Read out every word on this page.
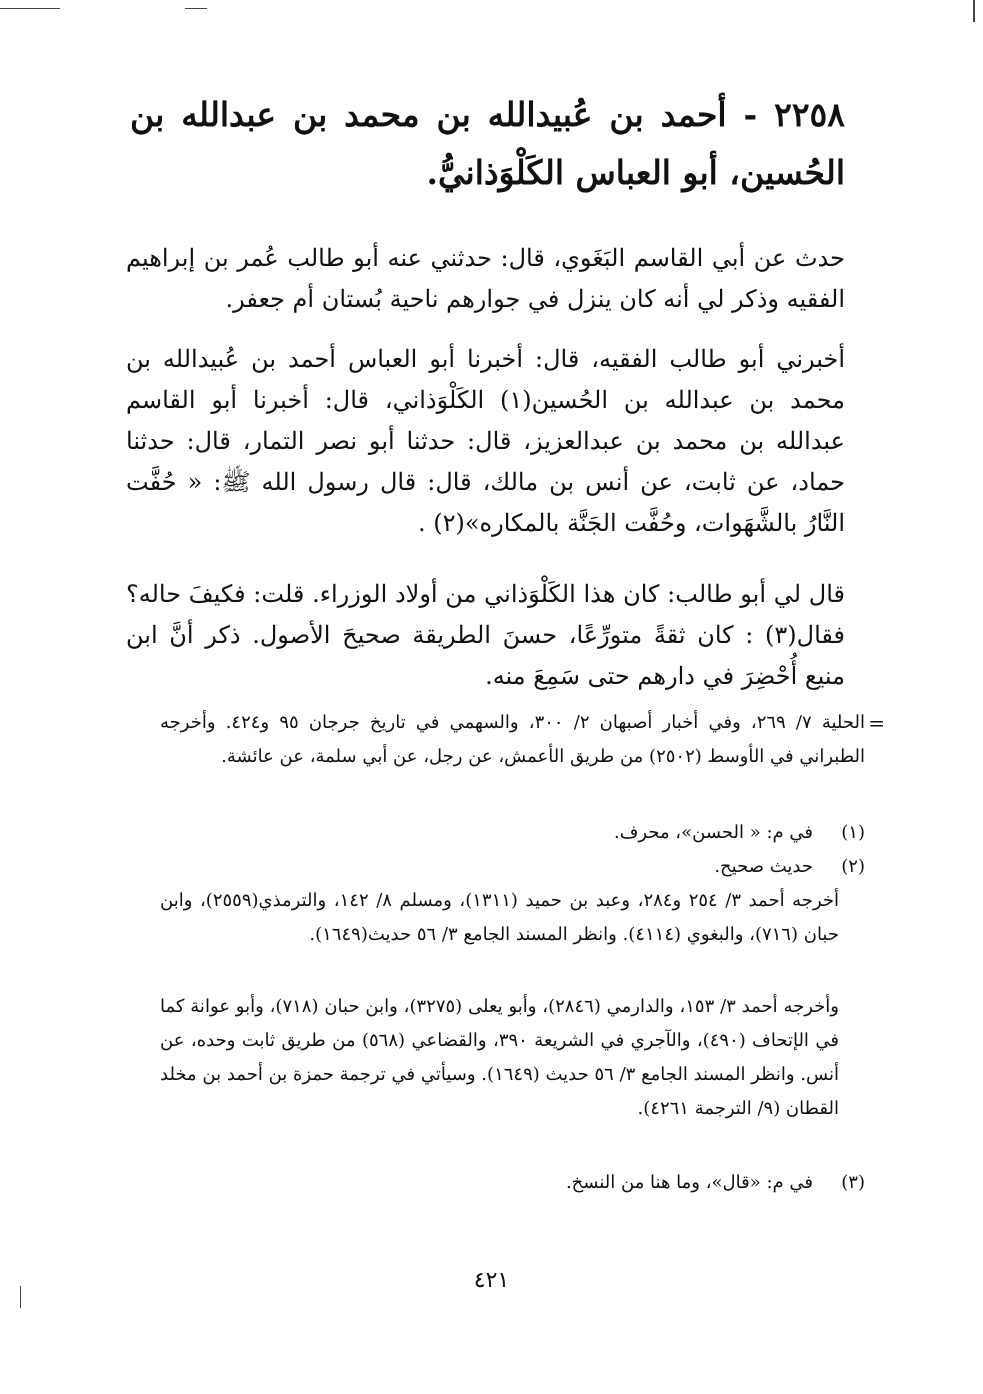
٢٢٥٨ - أحمد بن عُبيدالله بن محمد بن عبدالله بن الحُسين، أبو العباس الكَلْوَذانيُّ.

حدث عن أبي القاسم البَغَوي، قال: حدثني عنه أبو طالب عُمر بن إبراهيم الفقيه وذكر لي أنه كان ينزل في جوارهم ناحية بُستان أم جعفر.

أخبرني أبو طالب الفقيه، قال: أخبرنا أبو العباس أحمد بن عُبيدالله بن محمد بن عبدالله بن الحُسين(١) الكَلْوَذاني، قال: أخبرنا أبو القاسم عبدالله بن محمد بن عبدالعزيز، قال: حدثنا أبو نصر التمار، قال: حدثنا حماد، عن ثابت، عن أنس بن مالك، قال: قال رسول الله ﷺ: « حُفَّت النَّارُ بالشَّهَوات، وحُفَّت الجَنَّة بالمكاره»(٢) .

قال لي أبو طالب: كان هذا الكَلْوَذاني من أولاد الوزراء. قلت: فكيفَ حاله؟ فقال(٣) : كان ثقةً متورِّعًا، حسنَ الطريقة صحيحَ الأصول. ذكر أنَّ ابن منيع أُحْضِرَ في دارهم حتى سَمِعَ منه.

=
الحلية ٧/ ٢٦٩، وفي أخبار أصبهان ٢/ ٣٠٠، والسهمي في تاريخ جرجان ٩٥ و٤٢٤. وأخرجه الطبراني في الأوسط (٢٥٠٢) من طريق الأعمش، عن رجل، عن أبي سلمة، عن عائشة.
(١)في م: « الحسن»، محرف.
(٢)حديث صحيح.
أخرجه أحمد ٣/ ٢٥٤ و٢٨٤، وعبد بن حميد (١٣١١)، ومسلم ٨/ ١٤٢، والترمذي(٢٥٥٩)، وابن حبان (٧١٦)، والبغوي (٤١١٤). وانظر المسند الجامع ٣/ ٥٦ حديث(١٦٤٩).
وأخرجه أحمد ٣/ ١٥٣، والدارمي (٢٨٤٦)، وأبو يعلى (٣٢٧٥)، وابن حبان (٧١٨)، وأبو عوانة كما في الإتحاف (٤٩٠)، والآجري في الشريعة ٣٩٠، والقضاعي (٥٦٨) من طريق ثابت وحده، عن أنس. وانظر المسند الجامع ٣/ ٥٦ حديث (١٦٤٩). وسيأتي في ترجمة حمزة بن أحمد بن مخلد القطان (٩/ الترجمة ٤٢٦١).
(٣)في م: «قال»، وما هنا من النسخ.
٤٢١
